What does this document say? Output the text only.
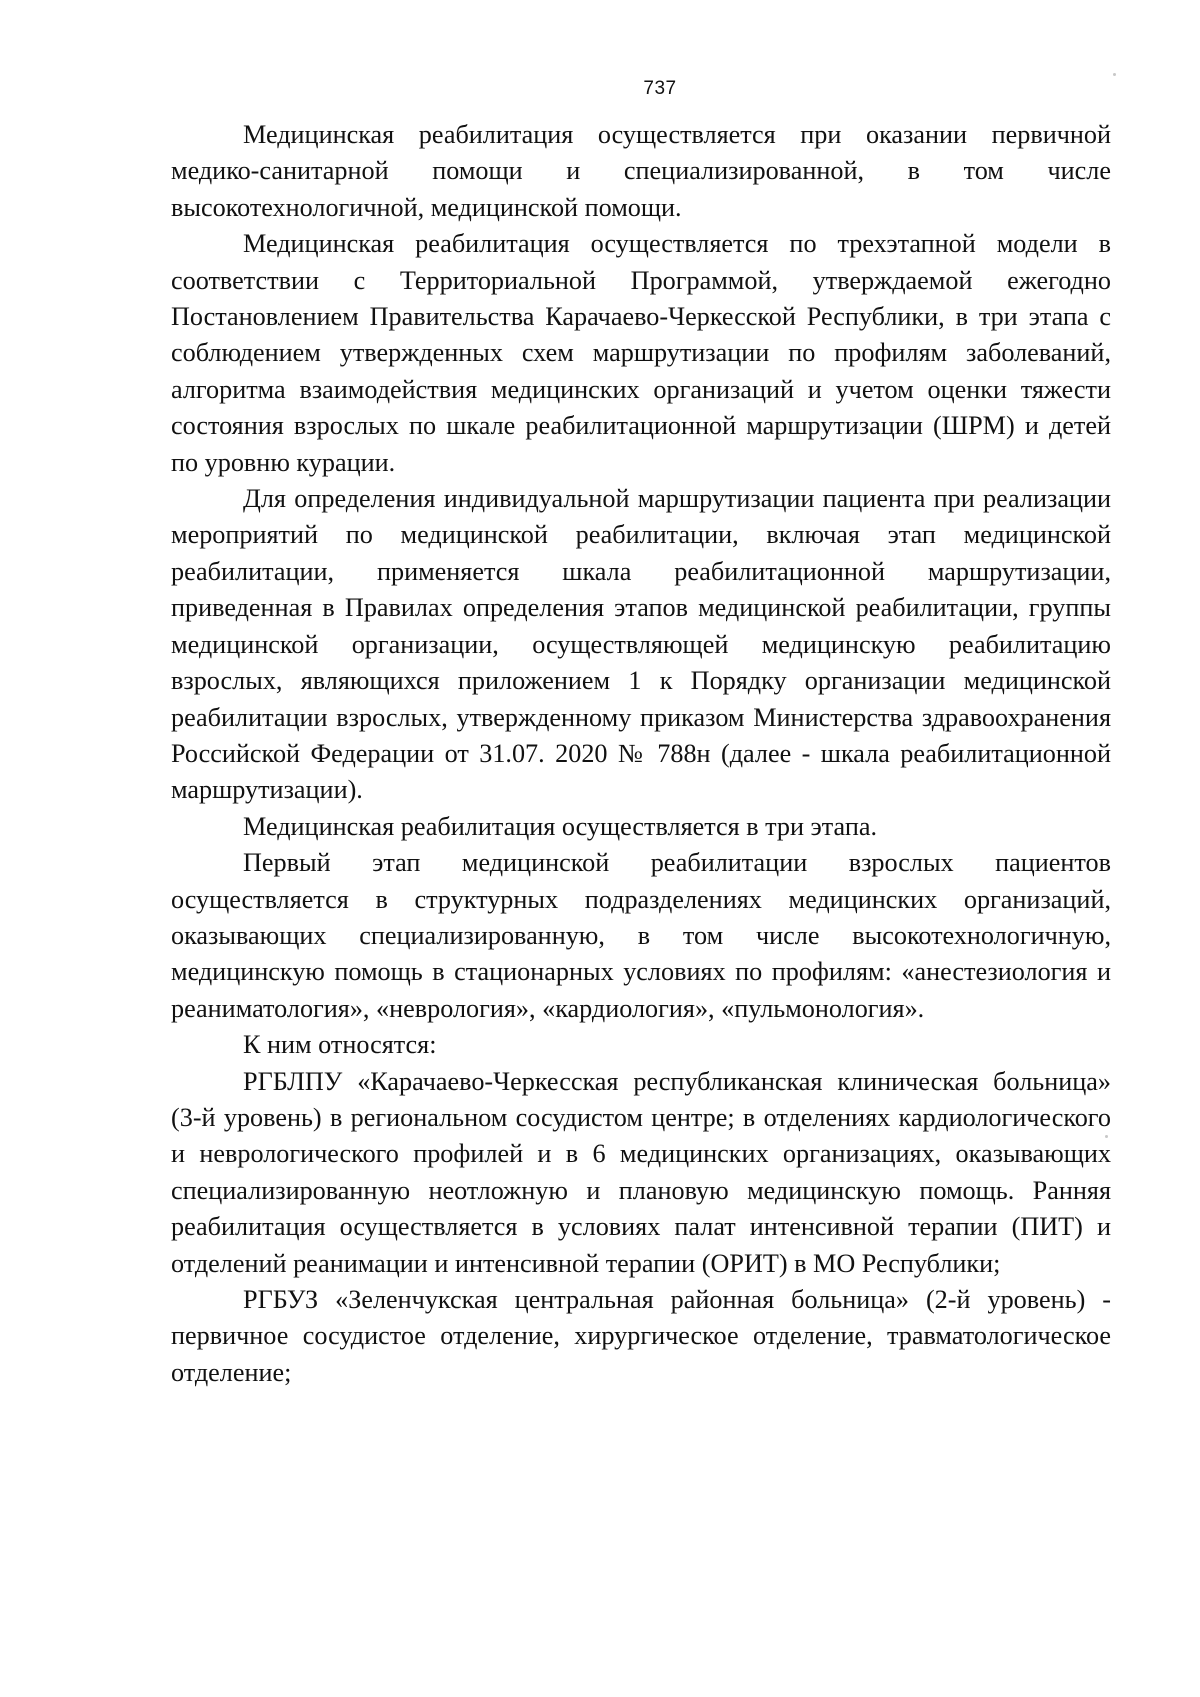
737

Медицинская реабилитация осуществляется при оказании первичной медико-санитарной помощи и специализированной, в том числе высокотехнологичной, медицинской помощи.

Медицинская реабилитация осуществляется по трехэтапной модели в соответствии с Территориальной Программой, утверждаемой ежегодно Постановлением Правительства Карачаево-Черкесской Республики, в три этапа с соблюдением утвержденных схем маршрутизации по профилям заболеваний, алгоритма взаимодействия медицинских организаций и учетом оценки тяжести состояния взрослых по шкале реабилитационной маршрутизации (ШРМ) и детей по уровню курации.

Для определения индивидуальной маршрутизации пациента при реализации мероприятий по медицинской реабилитации, включая этап медицинской реабилитации, применяется шкала реабилитационной маршрутизации, приведенная в Правилах определения этапов медицинской реабилитации, группы медицинской организации, осуществляющей медицинскую реабилитацию взрослых, являющихся приложением 1 к Порядку организации медицинской реабилитации взрослых, утвержденному приказом Министерства здравоохранения Российской Федерации от 31.07. 2020 № 788н (далее - шкала реабилитационной маршрутизации).

Медицинская реабилитация осуществляется в три этапа.

Первый этап медицинской реабилитации взрослых пациентов осуществляется в структурных подразделениях медицинских организаций, оказывающих специализированную, в том числе высокотехнологичную, медицинскую помощь в стационарных условиях по профилям: «анестезиология и реаниматология», «неврология», «кардиология», «пульмонология».

К ним относятся:

РГБЛПУ «Карачаево-Черкесская республиканская клиническая больница» (3-й уровень) в региональном сосудистом центре; в отделениях кардиологического и неврологического профилей и в 6 медицинских организациях, оказывающих специализированную неотложную и плановую медицинскую помощь. Ранняя реабилитация осуществляется в условиях палат интенсивной терапии (ПИТ) и отделений реанимации и интенсивной терапии (ОРИТ) в МО Республики;

РГБУЗ «Зеленчукская центральная районная больница» (2-й уровень) - первичное сосудистое отделение, хирургическое отделение, травматологическое отделение;
